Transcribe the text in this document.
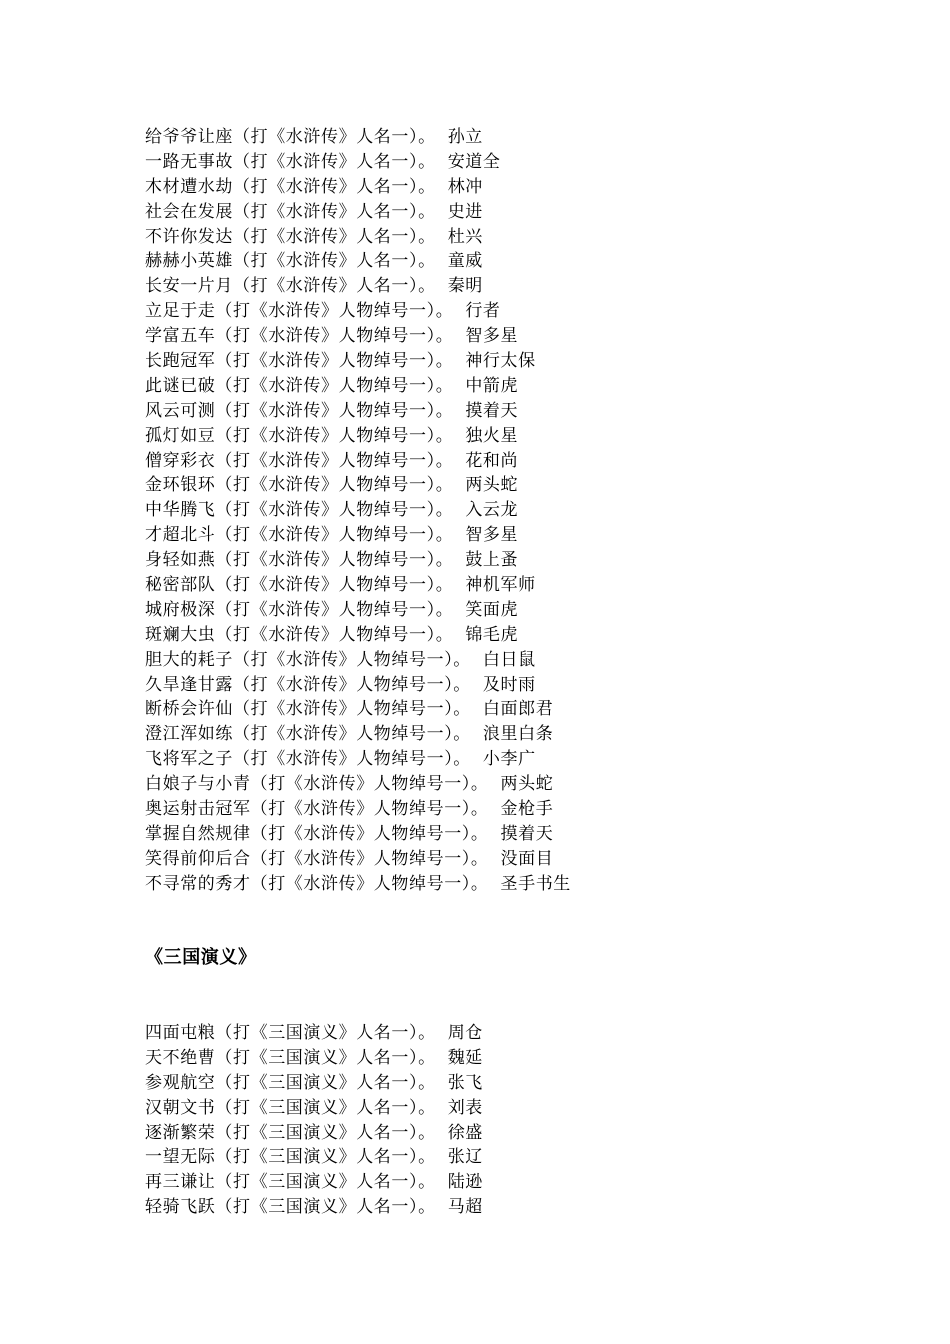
给爷爷让座（打《水浒传》人名一）。 孙立
一路无事故（打《水浒传》人名一）。 安道全
木材遭水劫（打《水浒传》人名一）。 林冲
社会在发展（打《水浒传》人名一）。 史进
不许你发达（打《水浒传》人名一）。 杜兴
赫赫小英雄（打《水浒传》人名一）。 童威
长安一片月（打《水浒传》人名一）。 秦明
立足于走（打《水浒传》人物绰号一）。 行者
学富五车（打《水浒传》人物绰号一）。 智多星
长跑冠军（打《水浒传》人物绰号一）。 神行太保
此谜已破（打《水浒传》人物绰号一）。 中箭虎
风云可测（打《水浒传》人物绰号一）。 摸着天
孤灯如豆（打《水浒传》人物绰号一）。 独火星
僧穿彩衣（打《水浒传》人物绰号一）。 花和尚
金环银环（打《水浒传》人物绰号一）。 两头蛇
中华腾飞（打《水浒传》人物绰号一）。 入云龙
才超北斗（打《水浒传》人物绰号一）。 智多星
身轻如燕（打《水浒传》人物绰号一）。 鼓上蚤
秘密部队（打《水浒传》人物绰号一）。 神机军师
城府极深（打《水浒传》人物绰号一）。 笑面虎
斑斓大虫（打《水浒传》人物绰号一）。 锦毛虎
胆大的耗子（打《水浒传》人物绰号一）。 白日鼠
久旱逢甘露（打《水浒传》人物绰号一）。 及时雨
断桥会许仙（打《水浒传》人物绰号一）。 白面郎君
澄江浑如练（打《水浒传》人物绰号一）。 浪里白条
飞将军之子（打《水浒传》人物绰号一）。 小李广
白娘子与小青（打《水浒传》人物绰号一）。 两头蛇
奥运射击冠军（打《水浒传》人物绰号一）。 金枪手
掌握自然规律（打《水浒传》人物绰号一）。 摸着天
笑得前仰后合（打《水浒传》人物绰号一）。 没面目
不寻常的秀才（打《水浒传》人物绰号一）。 圣手书生
《三国演义》
四面屯粮（打《三国演义》人名一）。 周仓
天不绝曹（打《三国演义》人名一）。 魏延
参观航空（打《三国演义》人名一）。 张飞
汉朝文书（打《三国演义》人名一）。 刘表
逐渐繁荣（打《三国演义》人名一）。 徐盛
一望无际（打《三国演义》人名一）。 张辽
再三谦让（打《三国演义》人名一）。 陆逊
轻骑飞跃（打《三国演义》人名一）。 马超
